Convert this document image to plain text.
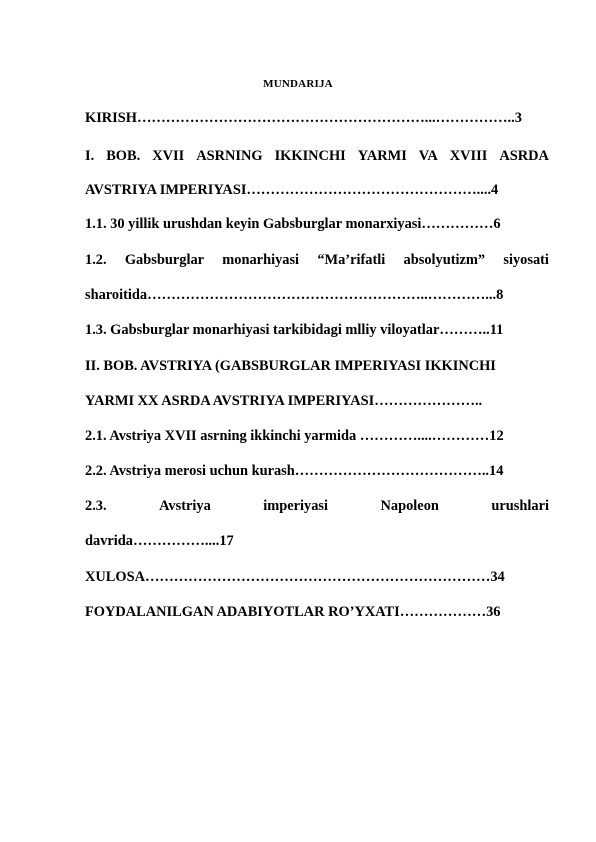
MUNDARIJA
KIRISH……………………………………………………...……………..3
I. BOB. XVII ASRNING IKKINCHI YARMI VA XVIII ASRDA
AVSTRIYA IMPERIYASI…………………………………………....4
1.1. 30 yillik urushdan keyin Gabsburglar monarxiyasi……………6
1.2. Gabsburglar monarhiyasi “Ma’rifatli absolyutizm” siyosati
sharoitida…………………………………………………..…………...8
1.3. Gabsburglar monarhiyasi tarkibidagi mlliy viloyatlar………..11
II. BOB. AVSTRIYA (GABSBURGLAR IMPERIYASI IKKINCHI
YARMI XX ASRDA AVSTRIYA IMPERIYASI…………………..
2.1. Avstriya XVII asrning ikkinchi yarmida …………....…………12
2.2. Avstriya merosi uchun kurash…………………………………..14
2.3.	Avstriya	imperiyasi	Napoleon	urushlari
davrida……………....17
XULOSA………………………………………………………………34
FOYDALANILGAN ADABIYOTLAR RO’YXATI………………36
